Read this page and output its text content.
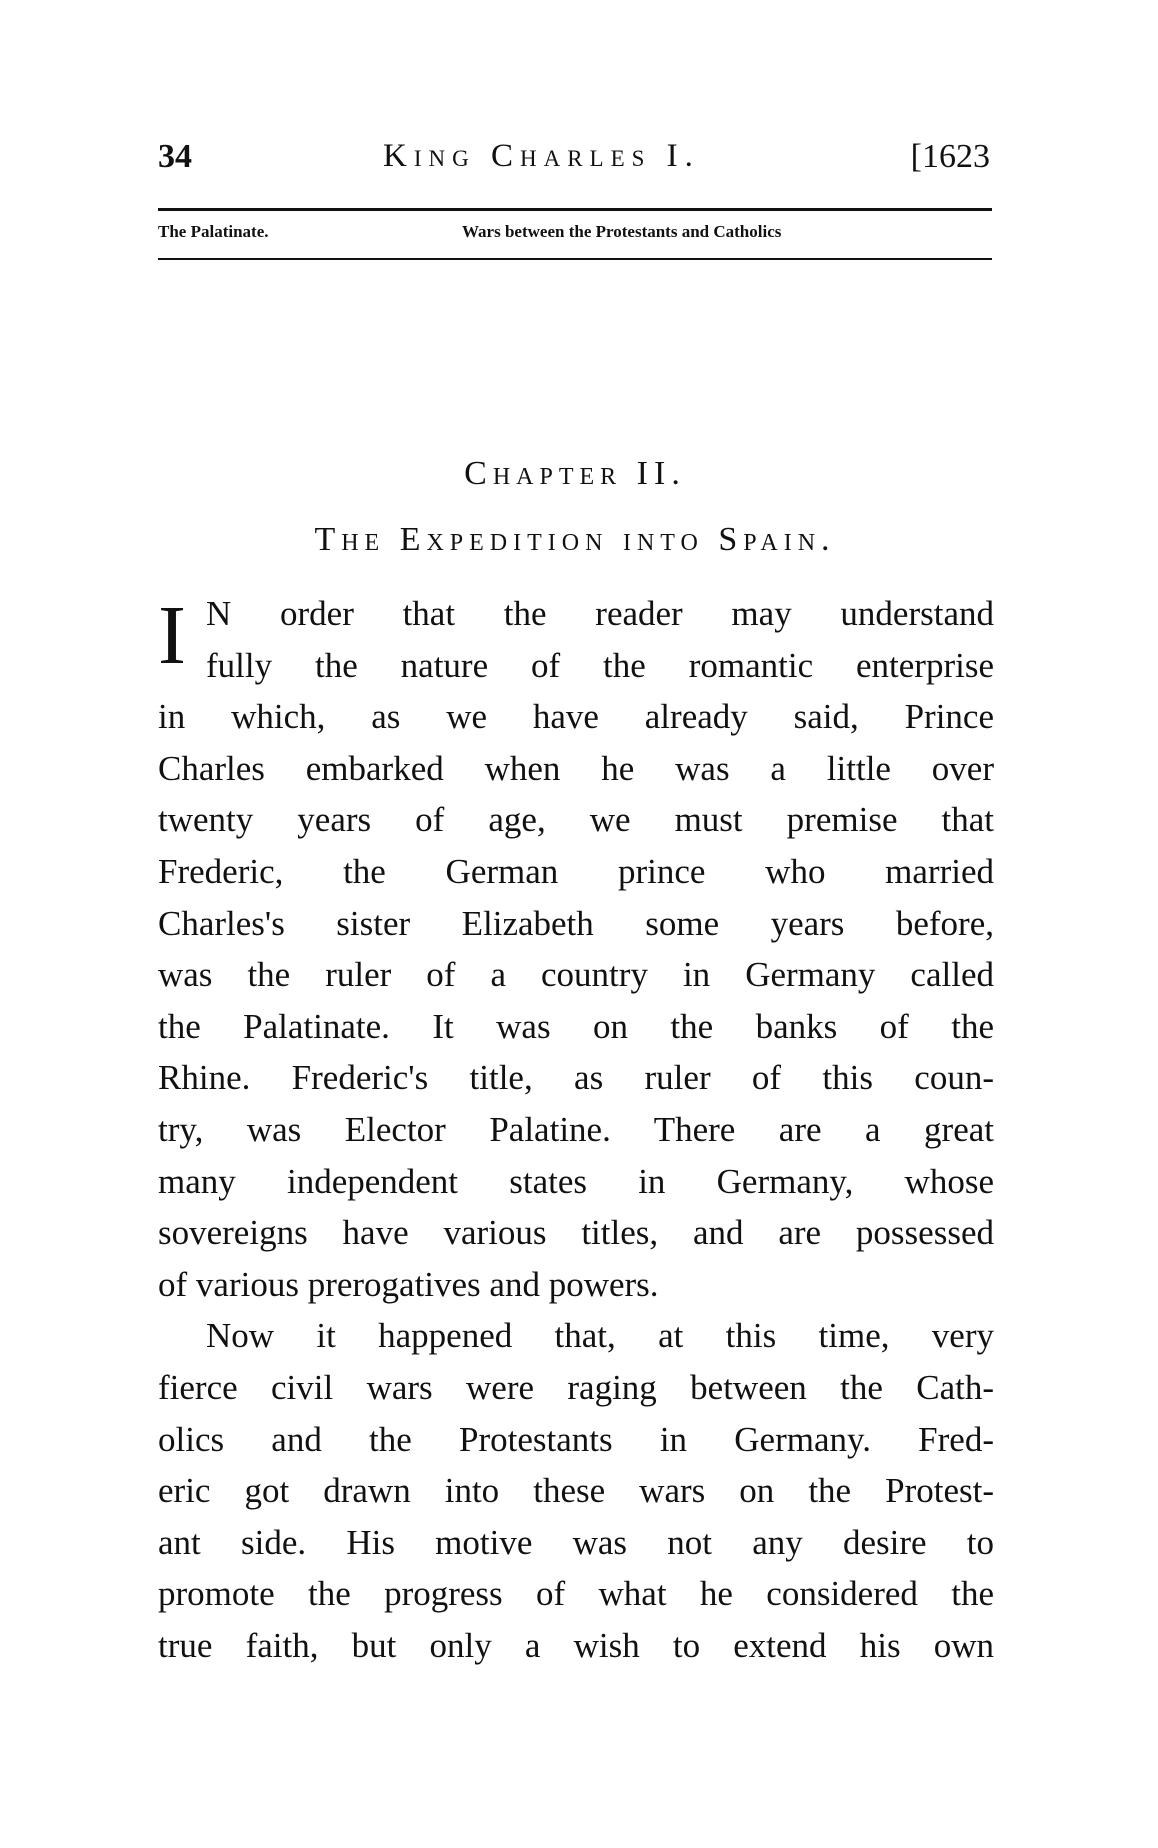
34	King Charles I.	[1623
The Palatinate.	Wars between the Protestants and Catholics
Chapter II.
The Expedition into Spain.
I N order that the reader may understand
fully the nature of the romantic enterprise
in which, as we have already said, Prince
Charles embarked when he was a little over
twenty years of age, we must premise that
Frederic, the German prince who married
Charles's sister Elizabeth some years before,
was the ruler of a country in Germany called
the Palatinate. It was on the banks of the
Rhine. Frederic's title, as ruler of this coun-
try, was Elector Palatine. There are a great
many independent states in Germany, whose
sovereigns have various titles, and are possessed
of various prerogatives and powers.
Now it happened that, at this time, very
fierce civil wars were raging between the Cath-
olics and the Protestants in Germany. Fred-
eric got drawn into these wars on the Protest-
ant side. His motive was not any desire to
promote the progress of what he considered the
true faith, but only a wish to extend his own
